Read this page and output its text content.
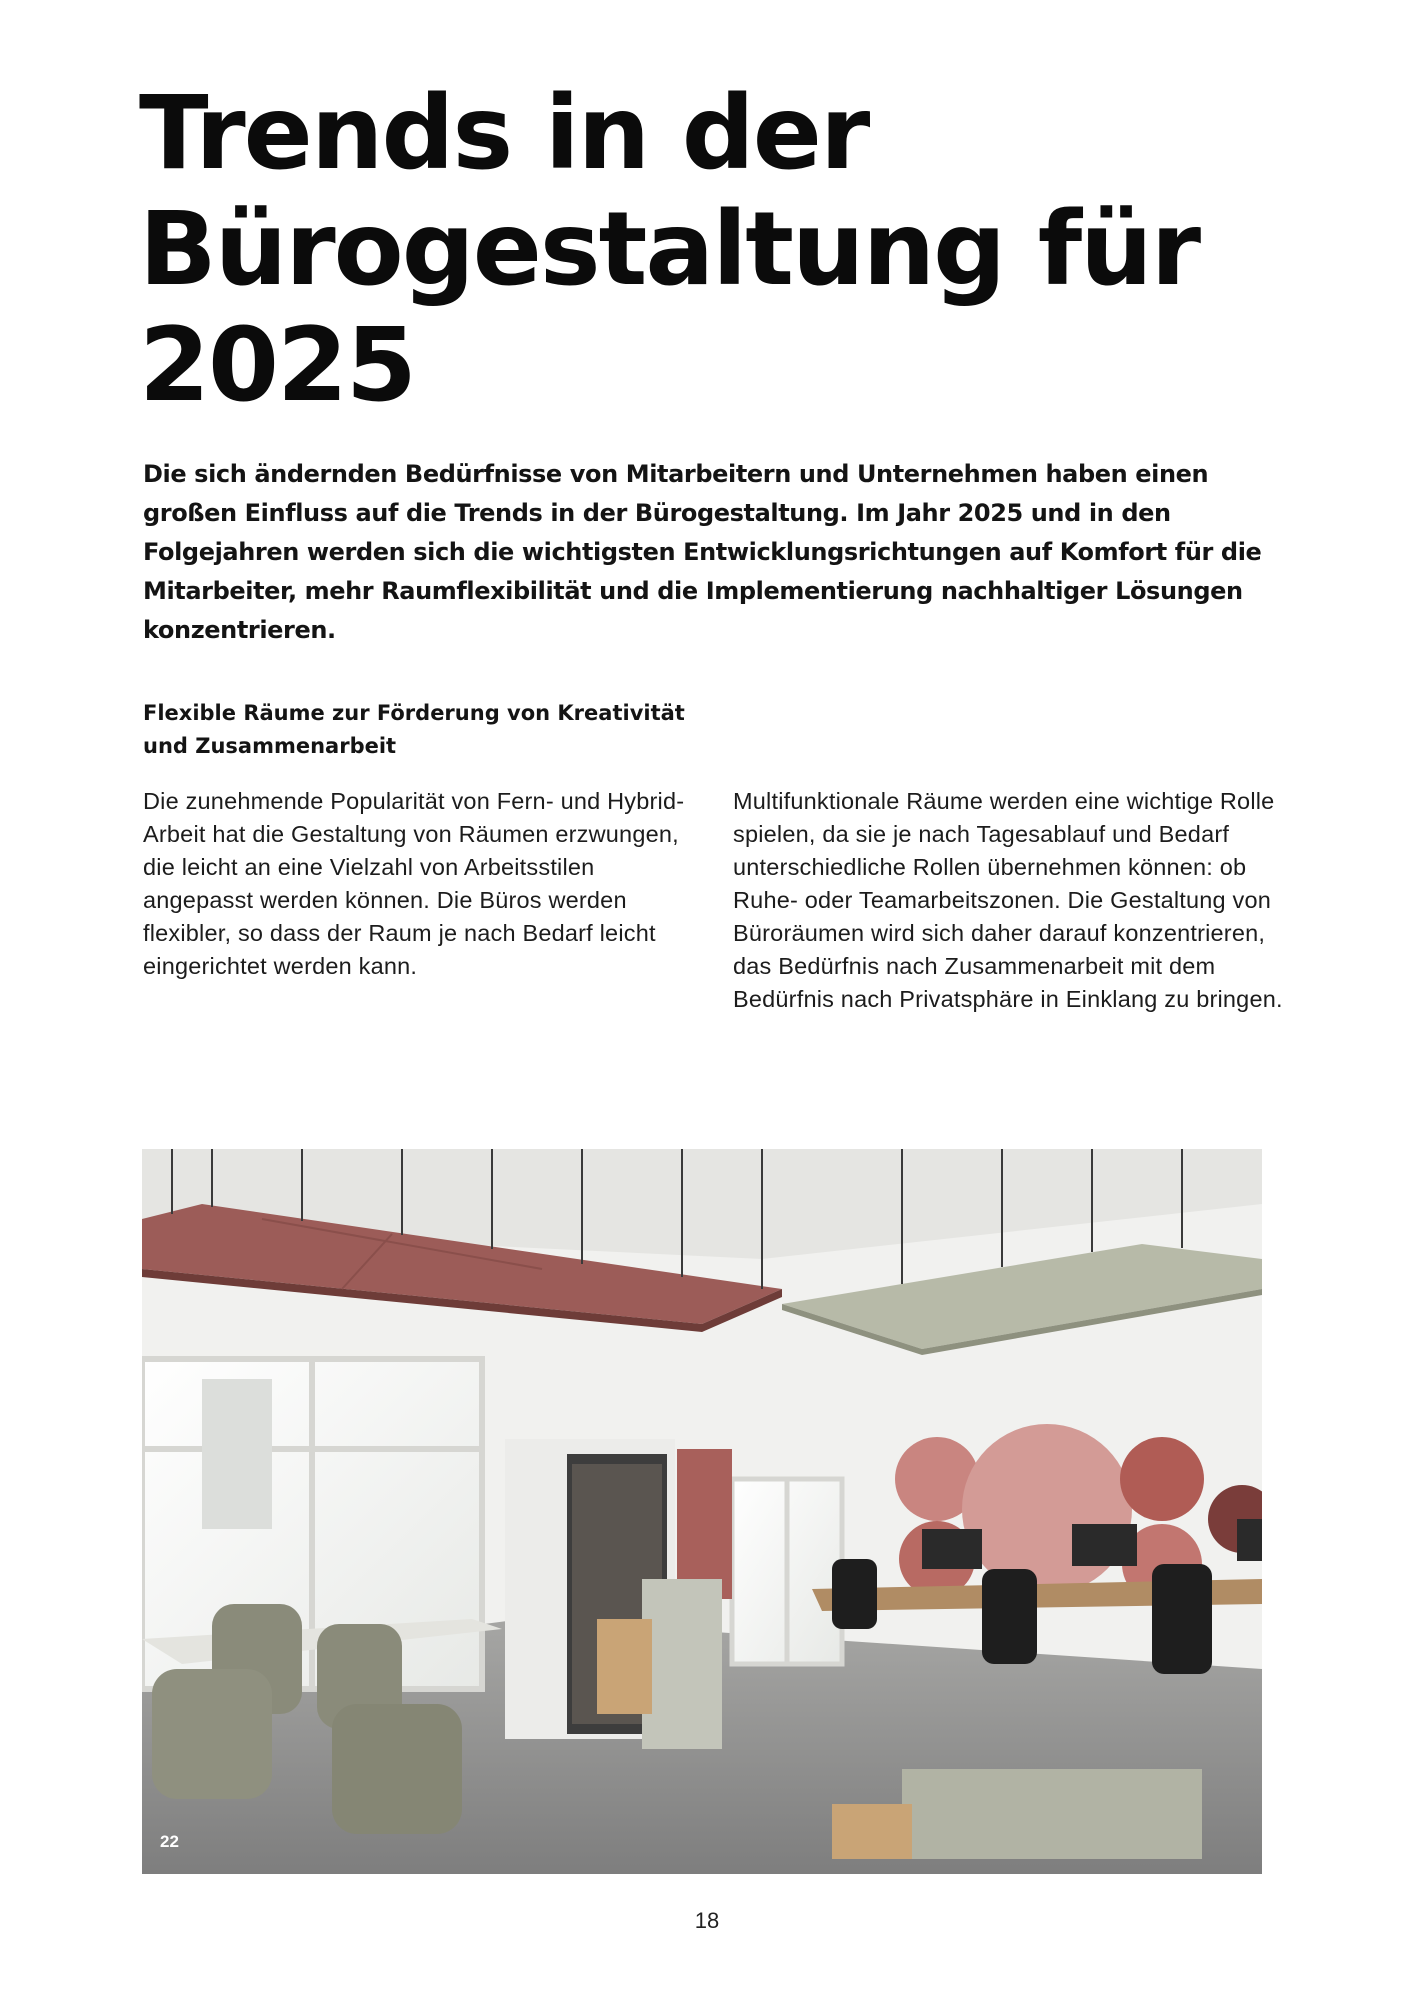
Trends in der Bürogestaltung für 2025

Die sich ändernden Bedürfnisse von Mitarbeitern und Unternehmen haben einen großen Einfluss auf die Trends in der Bürogestaltung. Im Jahr 2025 und in den Folgejahren werden sich die wichtigsten Entwicklungsrichtungen auf Komfort für die Mitarbeiter, mehr Raumflexibilität und die Implementierung nachhaltiger Lösungen konzentrieren.

Flexible Räume zur Förderung von Kreativität und Zusammenarbeit

Die zunehmende Popularität von Fern- und Hybrid-Arbeit hat die Gestaltung von Räumen erzwungen, die leicht an eine Vielzahl von Arbeitsstilen angepasst werden können. Die Büros werden flexibler, so dass der Raum je nach Bedarf leicht eingerichtet werden kann.

Multifunktionale Räume werden eine wichtige Rolle spielen, da sie je nach Tagesablauf und Bedarf unterschiedliche Rollen übernehmen können: ob Ruhe- oder Teamarbeitszonen. Die Gestaltung von Büroräumen wird sich daher darauf konzentrieren, das Bedürfnis nach Zusammenarbeit mit dem Bedürfnis nach Privatsphäre in Einklang zu bringen.

22
18
